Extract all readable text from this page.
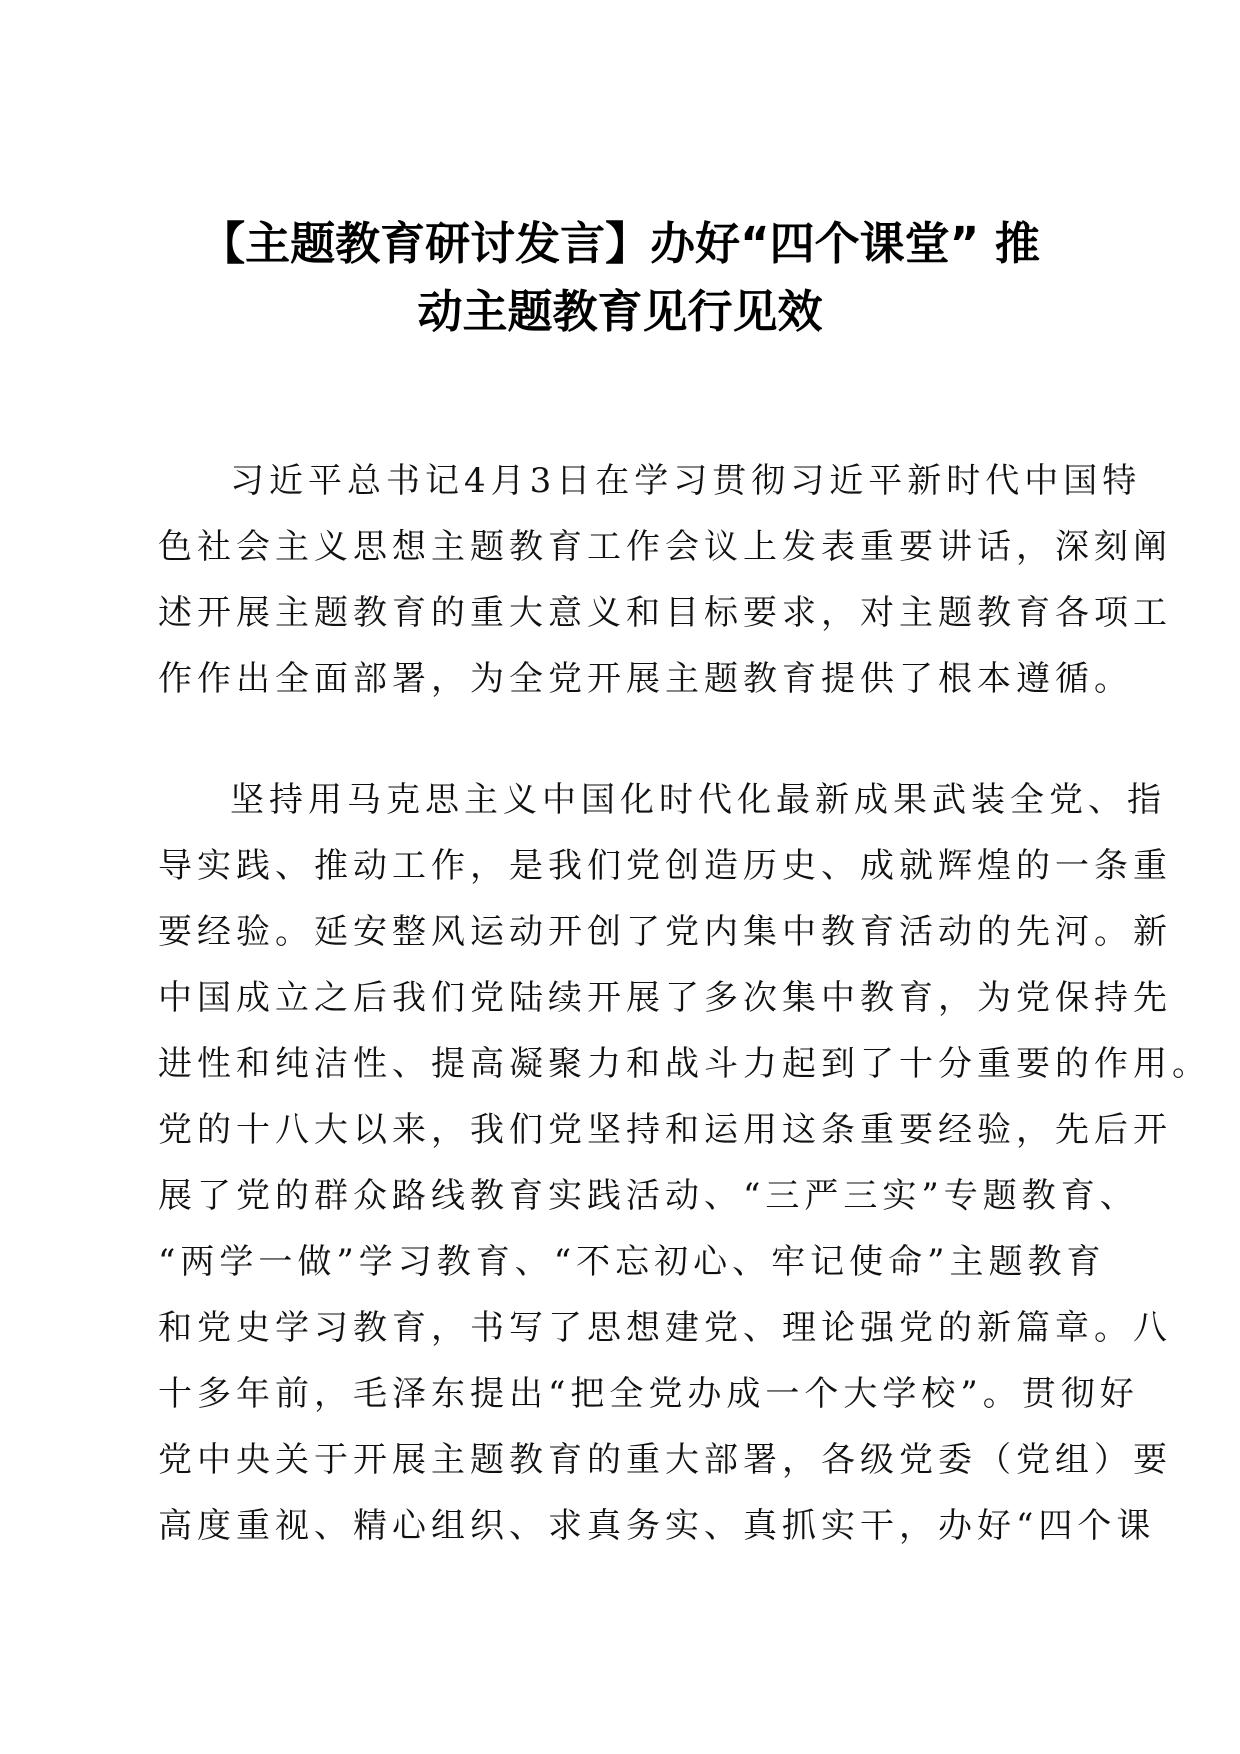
【主题教育研讨发言】办好“四个课堂” 推
动主题教育见行见效
习近平总书记4月3日在学习贯彻习近平新时代中国特
色社会主义思想主题教育工作会议上发表重要讲话，深刻阐
述开展主题教育的重大意义和目标要求，对主题教育各项工
作作出全面部署，为全党开展主题教育提供了根本遵循。
坚持用马克思主义中国化时代化最新成果武装全党、指
导实践、推动工作，是我们党创造历史、成就辉煌的一条重
要经验。延安整风运动开创了党内集中教育活动的先河。新
中国成立之后我们党陆续开展了多次集中教育，为党保持先
进性和纯洁性、提高凝聚力和战斗力起到了十分重要的作用。
党的十八大以来，我们党坚持和运用这条重要经验，先后开
展了党的群众路线教育实践活动、“三严三实”专题教育、
“两学一做”学习教育、“不忘初心、牢记使命”主题教育
和党史学习教育，书写了思想建党、理论强党的新篇章。八
十多年前，毛泽东提出“把全党办成一个大学校”。贯彻好
党中央关于开展主题教育的重大部署，各级党委（党组）要
高度重视、精心组织、求真务实、真抓实干，办好“四个课
